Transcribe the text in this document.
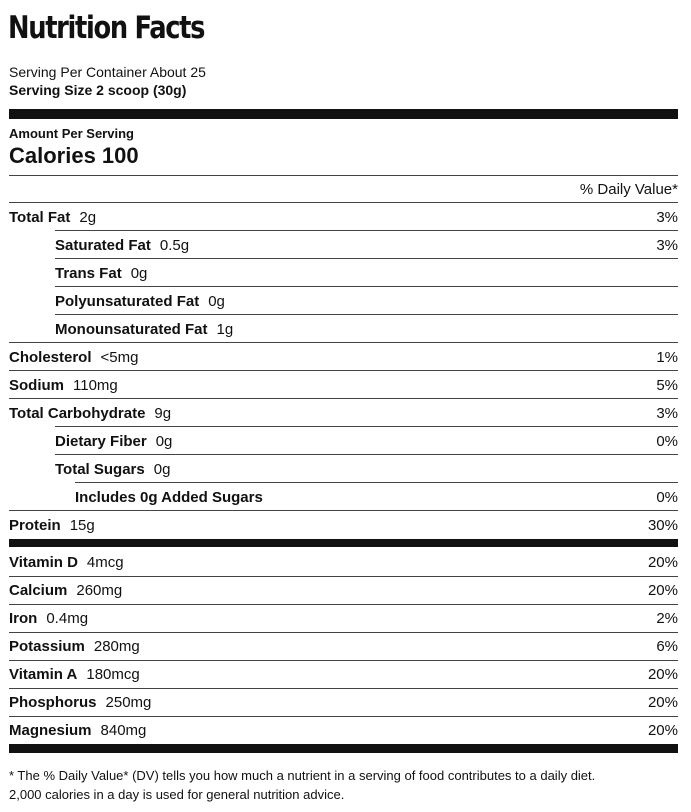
Nutrition Facts
Serving Per Container About 25
Serving Size 2 scoop (30g)
Amount Per Serving
Calories 100
% Daily Value*
Total Fat 2g	3%
Saturated Fat 0.5g	3%
Trans Fat 0g
Polyunsaturated Fat 0g
Monounsaturated Fat 1g
Cholesterol <5mg	1%
Sodium 110mg	5%
Total Carbohydrate 9g	3%
Dietary Fiber 0g	0%
Total Sugars 0g
Includes 0g Added Sugars	0%
Protein 15g	30%
Vitamin D 4mcg	20%
Calcium 260mg	20%
Iron 0.4mg	2%
Potassium 280mg	6%
Vitamin A 180mcg	20%
Phosphorus 250mg	20%
Magnesium 840mg	20%
* The % Daily Value* (DV) tells you how much a nutrient in a serving of food contributes to a daily diet.
2,000 calories in a day is used for general nutrition advice.
